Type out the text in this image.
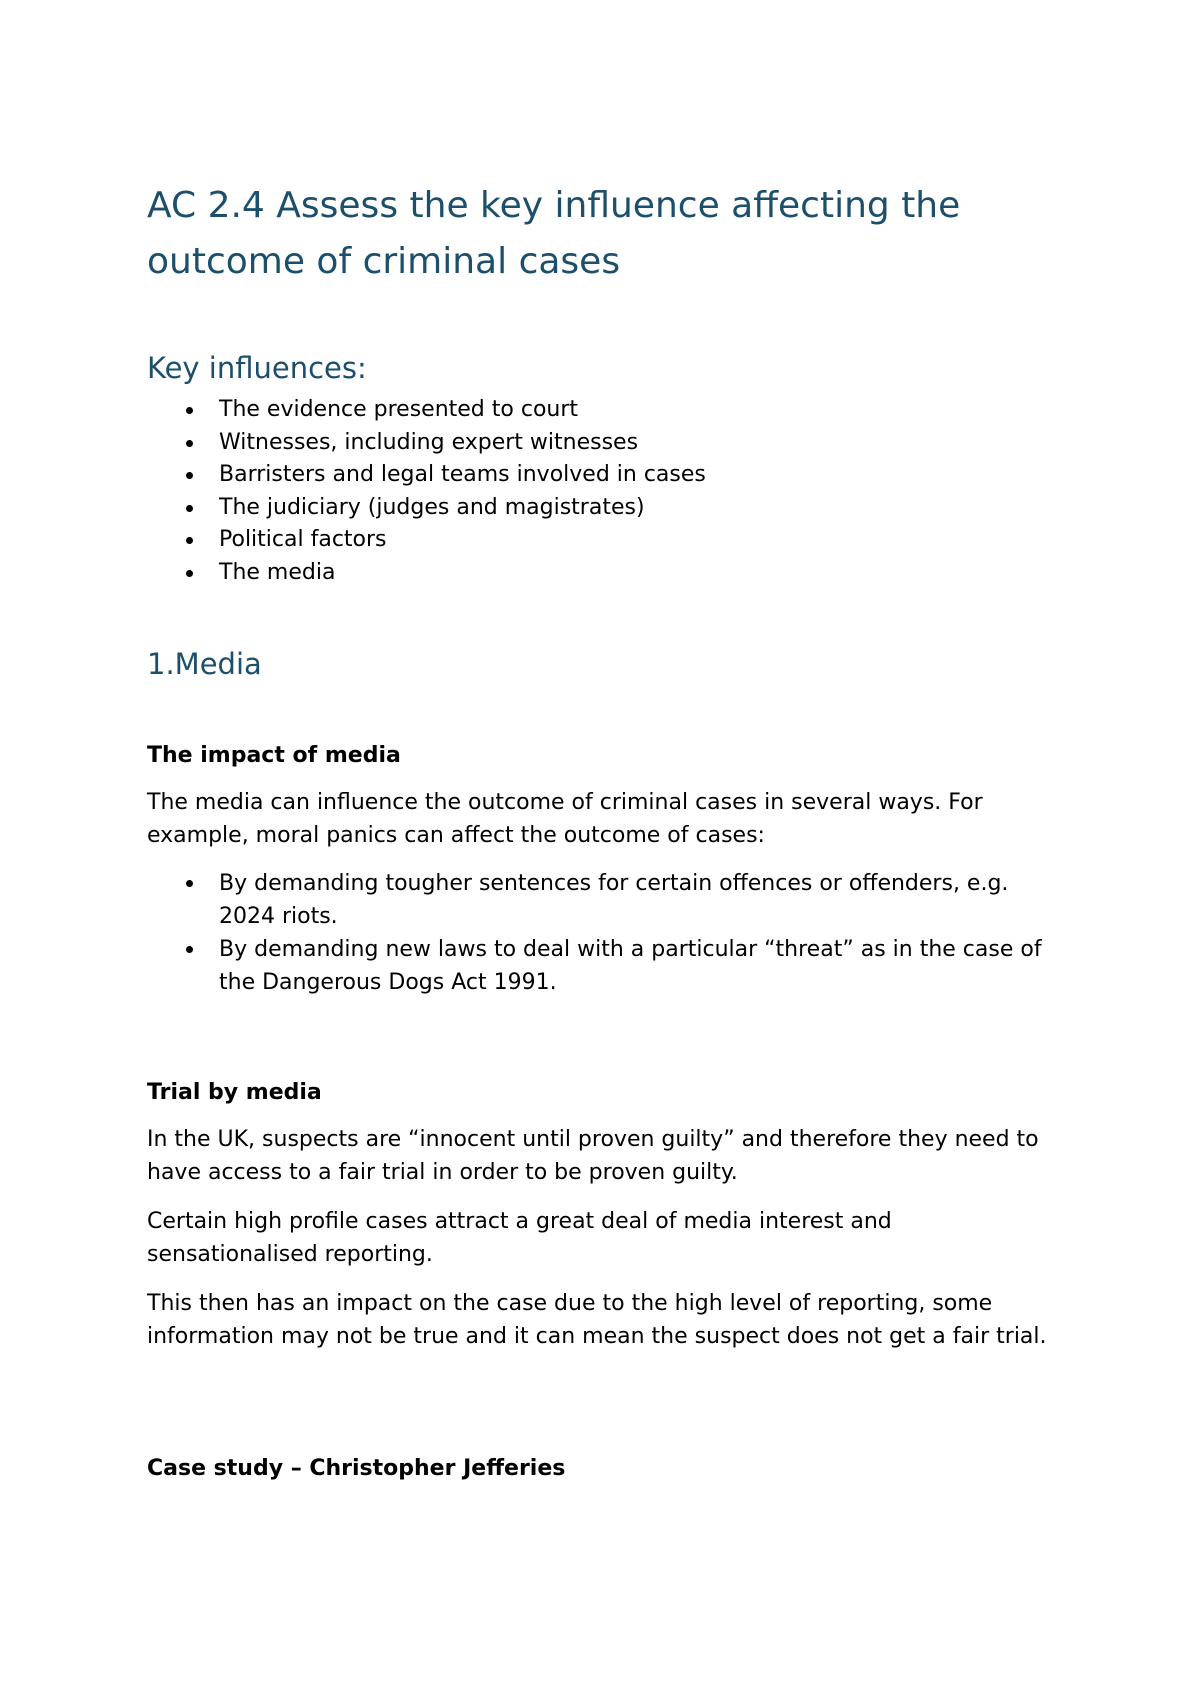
AC 2.4 Assess the key influence affecting the outcome of criminal cases
Key influences:
The evidence presented to court
Witnesses, including expert witnesses
Barristers and legal teams involved in cases
The judiciary (judges and magistrates)
Political factors
The media
1.Media
The impact of media

The media can influence the outcome of criminal cases in several ways. For example, moral panics can affect the outcome of cases:

By demanding tougher sentences for certain offences or offenders, e.g. 2024 riots.
By demanding new laws to deal with a particular “threat” as in the case of the Dangerous Dogs Act 1991.
Trial by media

In the UK, suspects are “innocent until proven guilty” and therefore they need to have access to a fair trial in order to be proven guilty.

Certain high profile cases attract a great deal of media interest and sensationalised reporting.

This then has an impact on the case due to the high level of reporting, some information may not be true and it can mean the suspect does not get a fair trial.

Case study – Christopher Jefferies
